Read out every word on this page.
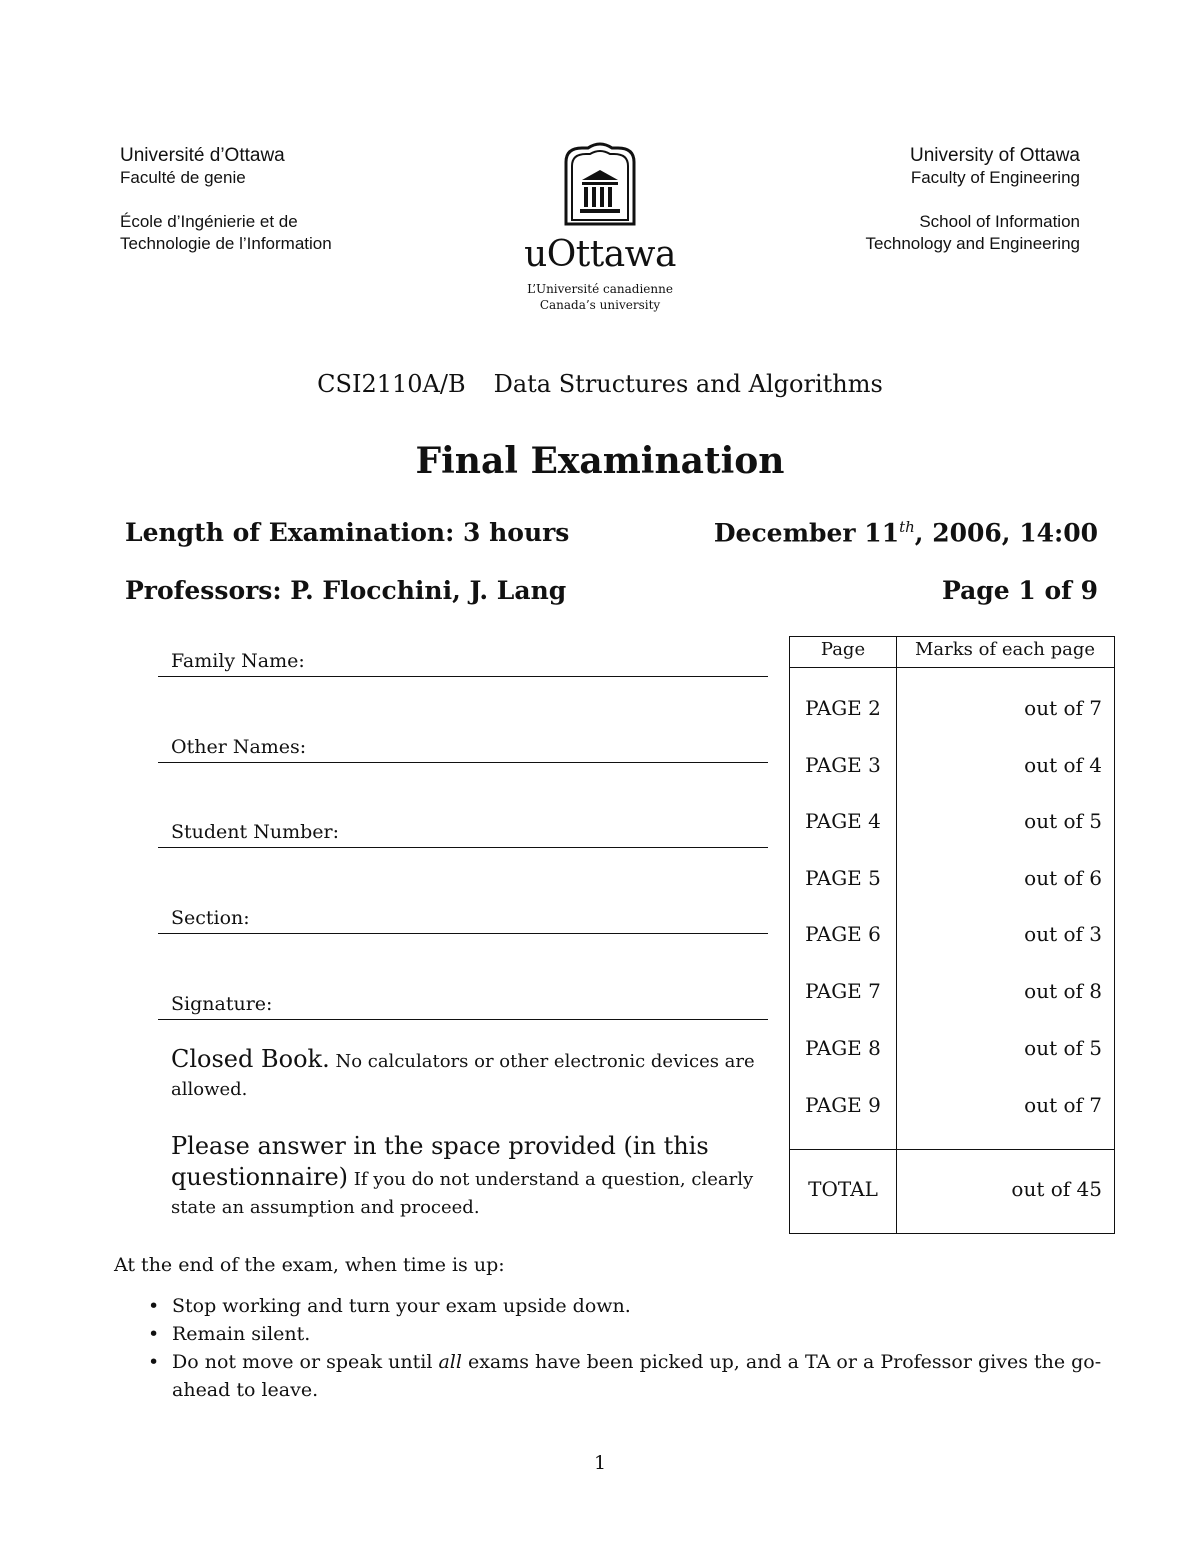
Université d’Ottawa
Faculté de genie
École d’Ingénierie et de
Technologie de l’Information	uOttawa
L’Université canadienne
Canada’s university
University of Ottawa
Faculty of Engineering
School of Information
Technology and Engineering
CSI2110A/B Data Structures and Algorithms
Final Examination
Length of Examination: 3 hours	December 11th, 2006, 14:00
Professors: P. Flocchini, J. Lang	Page 1 of 9
Family Name:
Other Names:
Student Number:
Section:
Signature:
Closed Book. No calculators or other electronic devices are allowed.
Please answer in the space provided (in this questionnaire) If you do not understand a question, clearly state an assumption and proceed.
Page	Marks of each page
PAGE 2	out of 7
PAGE 3	out of 4
PAGE 4	out of 5
PAGE 5	out of 6
PAGE 6	out of 3
PAGE 7	out of 8
PAGE 8	out of 5
PAGE 9	out of 7
TOTAL	out of 45
At the end of the exam, when time is up:
• Stop working and turn your exam upside down.
• Remain silent.
• Do not move or speak until all exams have been picked up, and a TA or a Professor gives the go-ahead to leave.
1
